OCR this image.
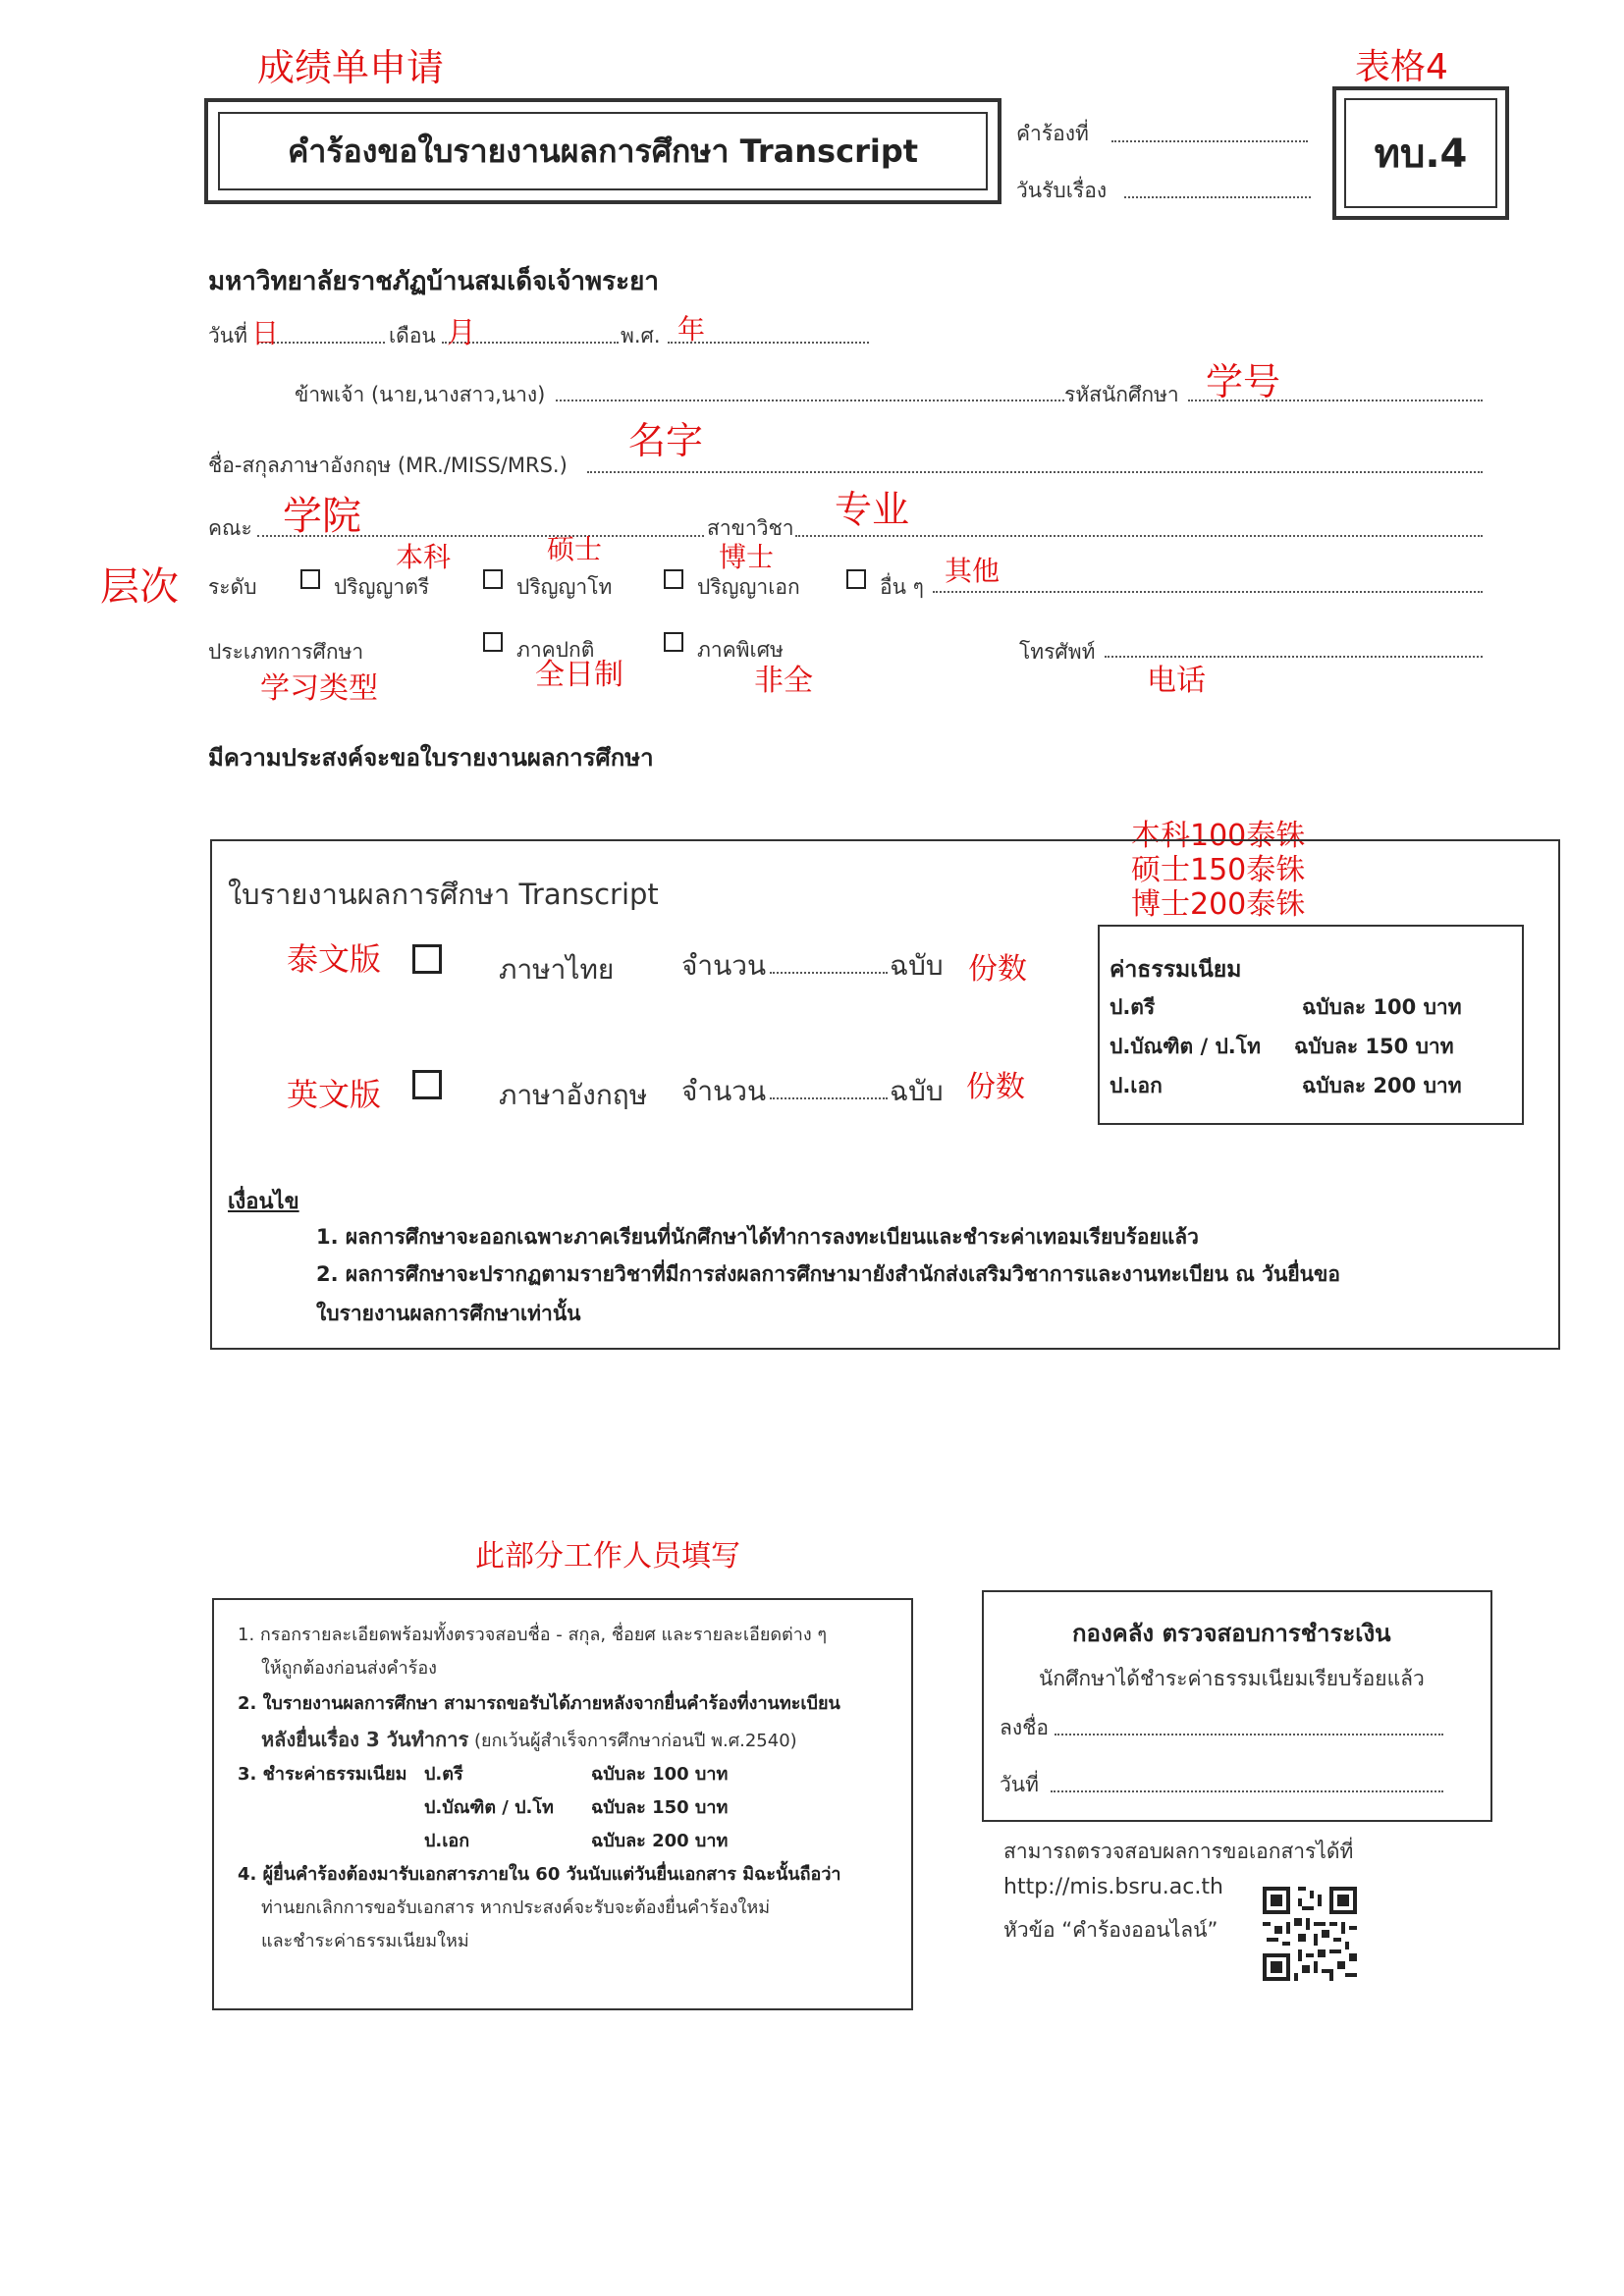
成绩单申请	表格4
คำร้องขอใบรายงานผลการศึกษา Transcript	คำร้องที่
วันรับเรื่อง
ทบ.4
มหาวิทยาลัยราชภัฏบ้านสมเด็จเจ้าพระยา
วันที่ 日	เดือน 月	พ.ศ. 年
ข้าพเจ้า (นาย,นางสาว,นาง)	รหัสนักศึกษา 学号
ชื่อ-สกุลภาษาอังกฤษ (MR./MISS/MRS.)
名字
คณะ 学院	สาขาวิชา 专业
层次
本科	硕士	博士	其他
ระดับ	ปริญญาตรี	ปริญญาโท	ปริญญาเอก	อื่น ๆ
ประเภทการศึกษา	ภาคปกติ	ภาคพิเศษ	โทรศัพท์
学习类型	全日制	非全	电话
มีความประสงค์จะขอใบรายงานผลการศึกษา
本科100泰铢
硕士150泰铢
博士200泰铢
ใบรายงานผลการศึกษา Transcript
泰文版	ภาษาไทย จำนวน	ฉบับ 份数
英文版	ภาษาอังกฤษ จำนวน	ฉบับ 份数
ค่าธรรมเนียม
ป.ตรี	ฉบับละ 100 บาท
ป.บัณฑิต / ป.โท ฉบับละ 150 บาท
ป.เอก	ฉบับละ 200 บาท
เงื่อนไข
1. ผลการศึกษาจะออกเฉพาะภาคเรียนที่นักศึกษาได้ทำการลงทะเบียนและชำระค่าเทอมเรียบร้อยแล้ว
2. ผลการศึกษาจะปรากฏตามรายวิชาที่มีการส่งผลการศึกษามายังสำนักส่งเสริมวิชาการและงานทะเบียน ณ วันยื่นขอ
ใบรายงานผลการศึกษาเท่านั้น
此部分工作人员填写
1. กรอกรายละเอียดพร้อมทั้งตรวจสอบชื่อ - สกุล, ชื่อยศ และรายละเอียดต่าง ๆ
ให้ถูกต้องก่อนส่งคำร้อง
2. ใบรายงานผลการศึกษา สามารถขอรับได้ภายหลังจากยื่นคำร้องที่งานทะเบียน
หลังยื่นเรื่อง 3 วันทำการ (ยกเว้นผู้สำเร็จการศึกษาก่อนปี พ.ศ.2540)
3. ชำระค่าธรรมเนียม ป.ตรี	ฉบับละ 100 บาท
ป.บัณฑิต / ป.โท ฉบับละ 150 บาท
ป.เอก	ฉบับละ 200 บาท
4. ผู้ยื่นคำร้องต้องมารับเอกสารภายใน 60 วันนับแต่วันยื่นเอกสาร มิฉะนั้นถือว่า
ท่านยกเลิกการขอรับเอกสาร หากประสงค์จะรับจะต้องยื่นคำร้องใหม่
และชำระค่าธรรมเนียมใหม่
กองคลัง ตรวจสอบการชำระเงิน
นักศึกษาได้ชำระค่าธรรมเนียมเรียบร้อยแล้ว
ลงชื่อ
วันที่
สามารถตรวจสอบผลการขอเอกสารได้ที่
http://mis.bsru.ac.th
หัวข้อ “คำร้องออนไลน์”
